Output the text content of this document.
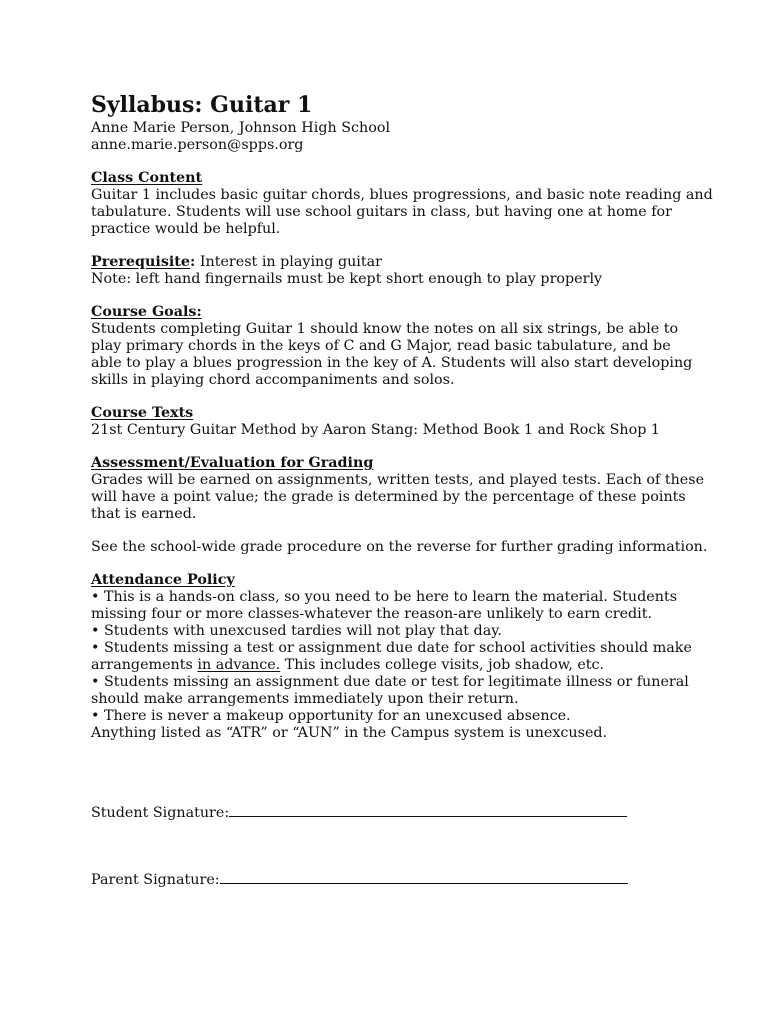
Syllabus: Guitar 1
Anne Marie Person, Johnson High School
anne.marie.person@spps.org
Class Content
Guitar 1 includes basic guitar chords, blues progressions, and basic note reading and
tabulature. Students will use school guitars in class, but having one at home for
practice would be helpful.
Prerequisite: Interest in playing guitar
Note: left hand fingernails must be kept short enough to play properly
Course Goals:
Students completing Guitar 1 should know the notes on all six strings, be able to
play primary chords in the keys of C and G Major, read basic tabulature, and be
able to play a blues progression in the key of A. Students will also start developing
skills in playing chord accompaniments and solos.
Course Texts
21st Century Guitar Method by Aaron Stang: Method Book 1 and Rock Shop 1
Assessment/Evaluation for Grading
Grades will be earned on assignments, written tests, and played tests. Each of these
will have a point value; the grade is determined by the percentage of these points
that is earned.
See the school-wide grade procedure on the reverse for further grading information.
Attendance Policy
• This is a hands-on class, so you need to be here to learn the material. Students
missing four or more classes-whatever the reason-are unlikely to earn credit.
• Students with unexcused tardies will not play that day.
• Students missing a test or assignment due date for school activities should make
arrangements in advance. This includes college visits, job shadow, etc.
• Students missing an assignment due date or test for legitimate illness or funeral
should make arrangements immediately upon their return.
• There is never a makeup opportunity for an unexcused absence.
Anything listed as “ATR” or “AUN” in the Campus system is unexcused.
Student Signature:
Parent Signature:
